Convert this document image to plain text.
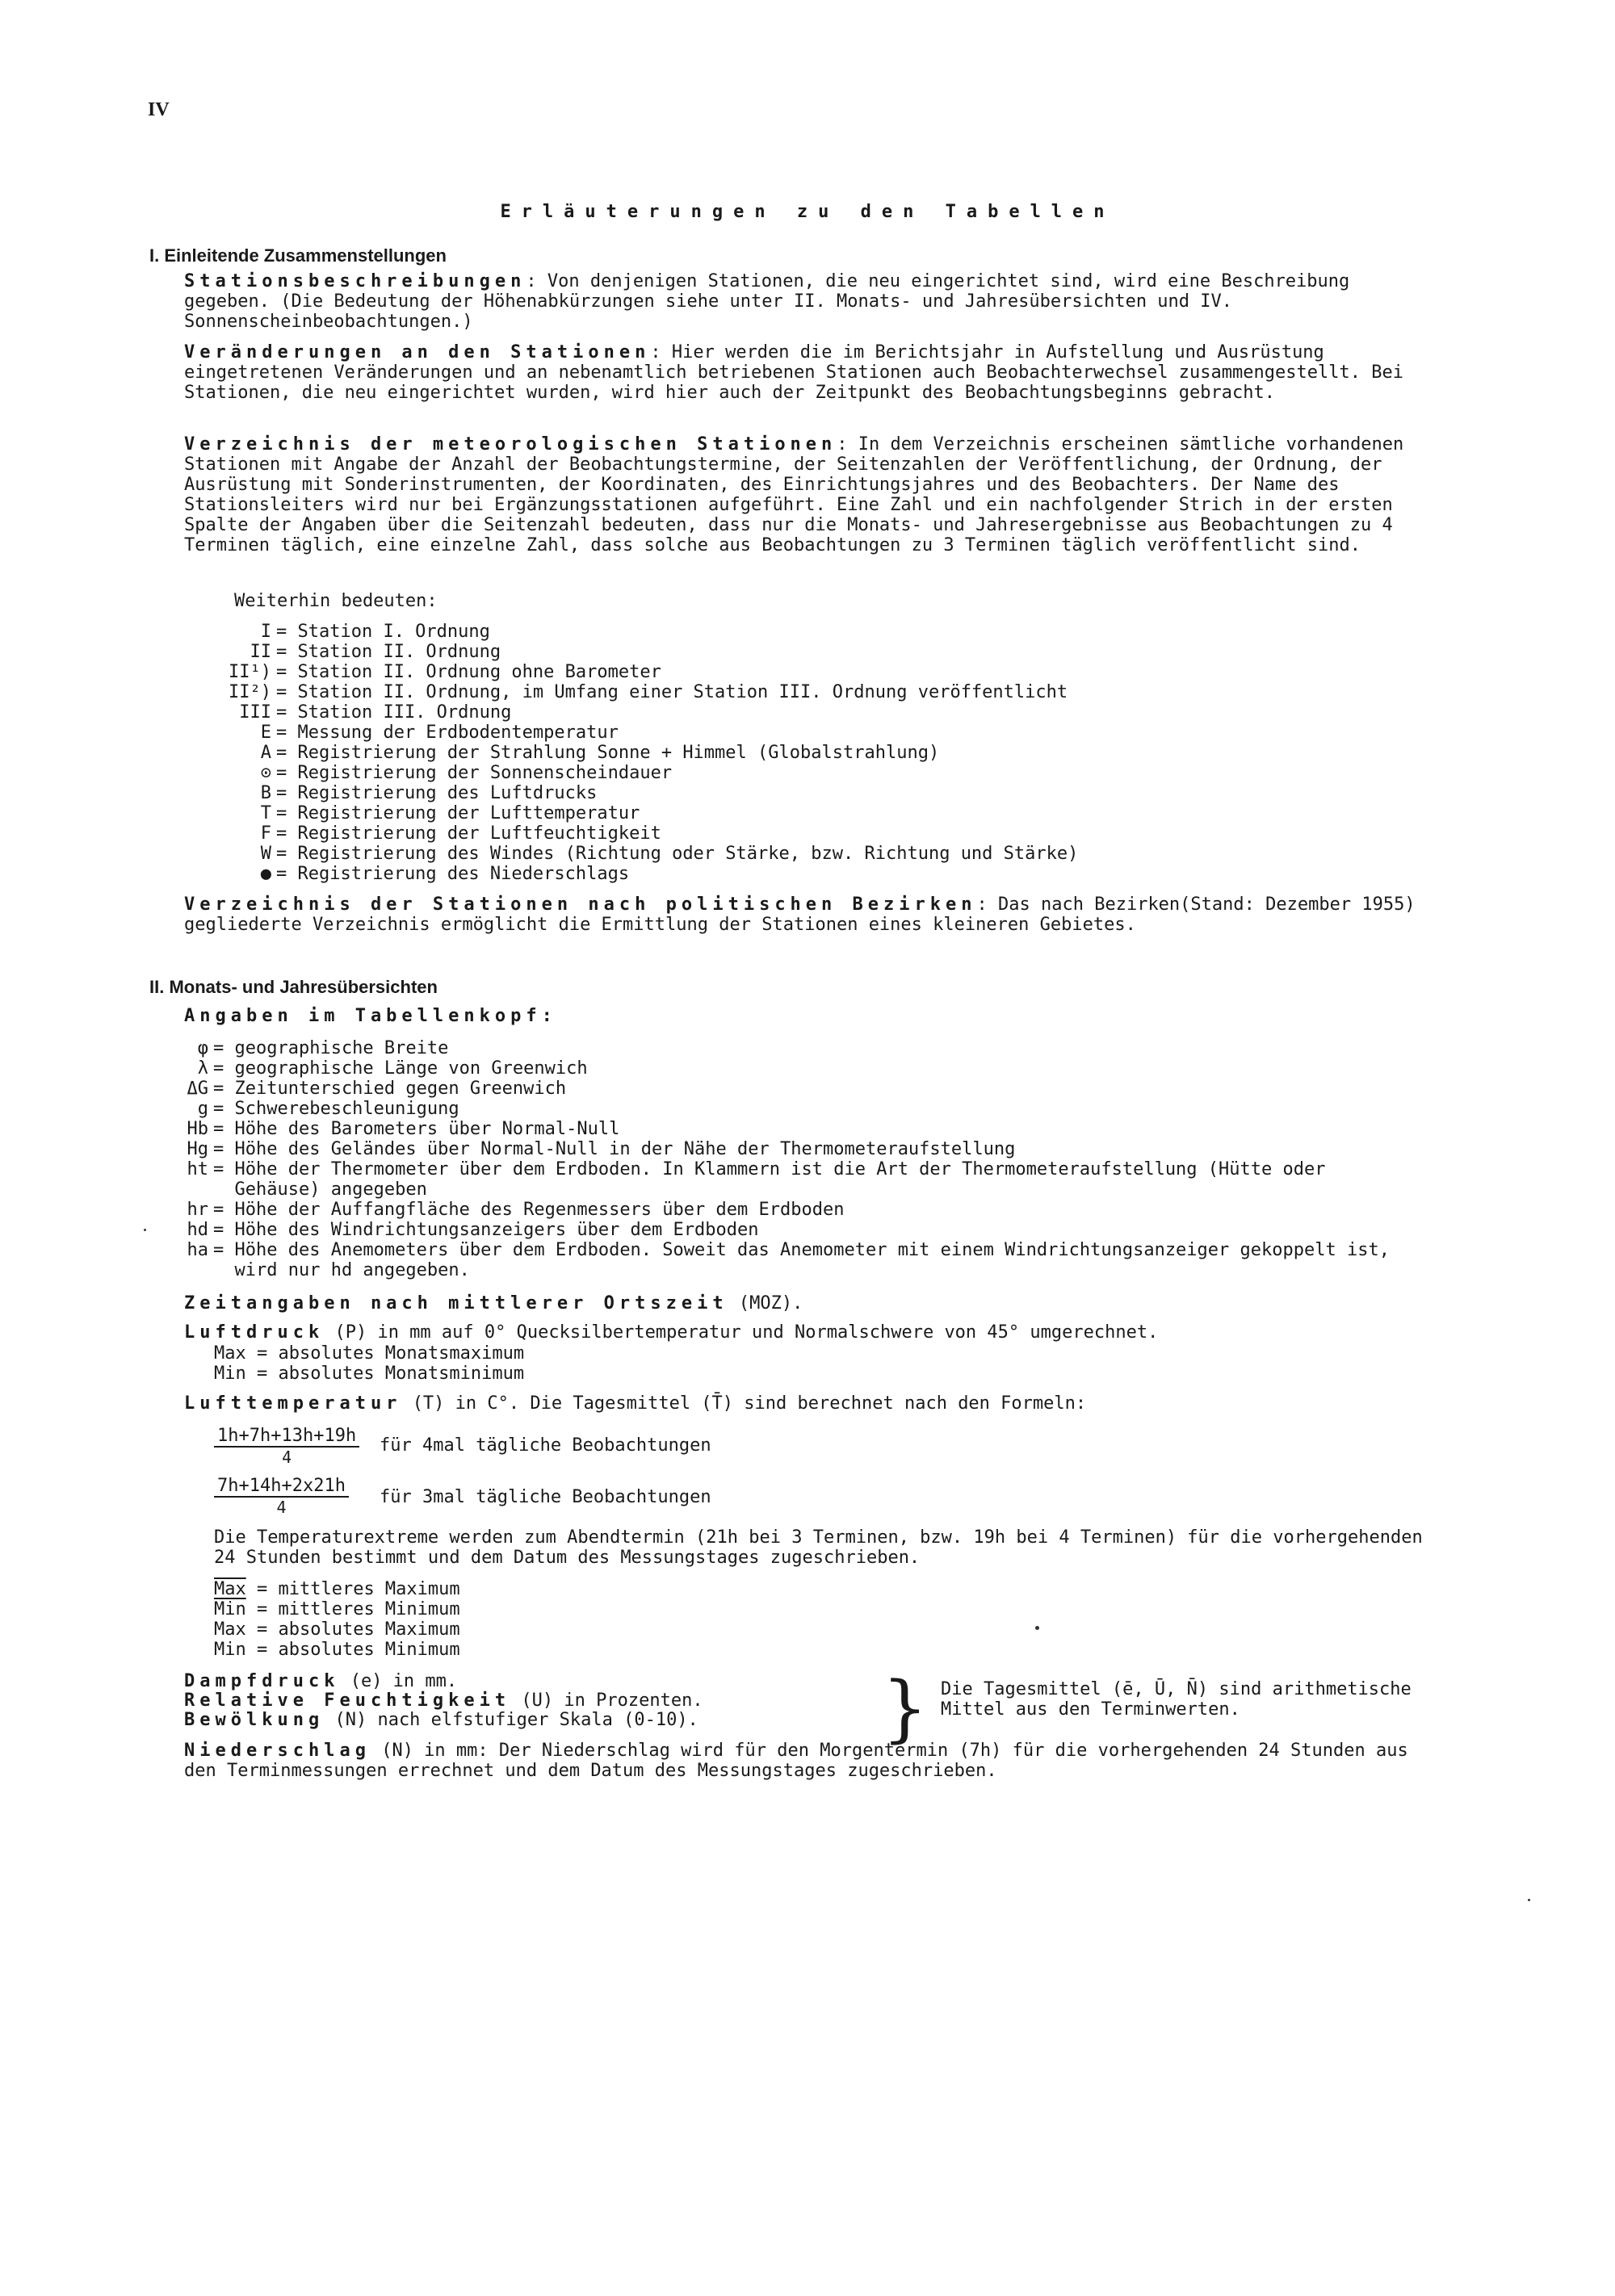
IV
Erläuterungen zu den Tabellen
I. Einleitende Zusammenstellungen
Stationsbeschreibungen: Von denjenigen Stationen, die neu eingerichtet sind, wird eine Beschreibung gegeben. (Die Bedeutung der Höhenabkürzungen siehe unter II. Monats- und Jahresübersichten und IV. Sonnenscheinbeobachtungen.)
Veränderungen an den Stationen: Hier werden die im Berichtsjahr in Aufstellung und Ausrüstung eingetretenen Veränderungen und an nebenamtlich betriebenen Stationen auch Beobachterwechsel zusammengestellt. Bei Stationen, die neu eingerichtet wurden, wird hier auch der Zeitpunkt des Beobachtungsbeginns gebracht.
Verzeichnis der meteorologischen Stationen: In dem Verzeichnis erscheinen sämtliche vorhandenen Stationen mit Angabe der Anzahl der Beobachtungstermine, der Seitenzahlen der Veröffentlichung, der Ordnung, der Ausrüstung mit Sonderinstrumenten, der Koordinaten, des Einrichtungsjahres und des Beobachters. Der Name des Stationsleiters wird nur bei Ergänzungsstationen aufgeführt. Eine Zahl und ein nachfolgender Strich in der ersten Spalte der Angaben über die Seitenzahl bedeuten, dass nur die Monats- und Jahresergebnisse aus Beobachtungen zu 4 Terminen täglich, eine einzelne Zahl, dass solche aus Beobachtungen zu 3 Terminen täglich veröffentlicht sind.
Weiterhin bedeuten:
I = Station I. Ordnung
II = Station II. Ordnung
II¹) = Station II. Ordnung ohne Barometer
II²) = Station II. Ordnung, im Umfang einer Station III. Ordnung veröffentlicht
III = Station III. Ordnung
E = Messung der Erdbodentemperatur
A = Registrierung der Strahlung Sonne + Himmel (Globalstrahlung)
⊙ = Registrierung der Sonnenscheindauer
B = Registrierung des Luftdrucks
T = Registrierung der Lufttemperatur
F = Registrierung der Luftfeuchtigkeit
W = Registrierung des Windes (Richtung oder Stärke, bzw. Richtung und Stärke)
● = Registrierung des Niederschlags
Verzeichnis der Stationen nach politischen Bezirken: Das nach Bezirken(Stand: Dezember 1955) gegliederte Verzeichnis ermöglicht die Ermittlung der Stationen eines kleineren Gebietes.
II. Monats- und Jahresübersichten
Angaben im Tabellenkopf:
φ = geographische Breite
λ = geographische Länge von Greenwich
ΔG = Zeitunterschied gegen Greenwich
g = Schwerebeschleunigung
Hb = Höhe des Barometers über Normal-Null
Hg = Höhe des Geländes über Normal-Null in der Nähe der Thermometeraufstellung
ht = Höhe der Thermometer über dem Erdboden. In Klammern ist die Art der Thermometeraufstellung (Hütte oder
Gehäuse) angegeben
hr = Höhe der Auffangfläche des Regenmessers über dem Erdboden
hd = Höhe des Windrichtungsanzeigers über dem Erdboden
ha = Höhe des Anemometers über dem Erdboden. Soweit das Anemometer mit einem Windrichtungsanzeiger gekoppelt ist,
wird nur hd angegeben.
Zeitangaben nach mittlerer Ortszeit (MOZ).
Luftdruck (P) in mm auf 0° Quecksilbertemperatur und Normalschwere von 45° umgerechnet.
Max = absolutes Monatsmaximum
Min = absolutes Monatsminimum
Lufttemperatur (T) in C°. Die Tagesmittel (T̄) sind berechnet nach den Formeln:
$\frac{1h+7h+13h+19h}{4}$ für 4mal tägliche Beobachtungen
$\frac{7h+14h+2x21h}{4}$ für 3mal tägliche Beobachtungen
Die Temperaturextreme werden zum Abendtermin (21h bei 3 Terminen, bzw. 19h bei 4 Terminen) für die vorhergehenden 24 Stunden bestimmt und dem Datum des Messungstages zugeschrieben.
$\overline{Max}$ = mittleres Maximum
$\overline{Min}$ = mittleres Minimum
Max = absolutes Maximum
Min = absolutes Minimum
Dampfdruck (e) in mm.
Relative Feuchtigkeit (U) in Prozenten.
Bewölkung (N) nach elfstufiger Skala (0-10).	} Die Tagesmittel (ē, Ū, N̄) sind arithmetische
Mittel aus den Terminwerten.
Niederschlag (N) in mm: Der Niederschlag wird für den Morgentermin (7h) für die vorhergehenden 24 Stunden aus den Terminmessungen errechnet und dem Datum des Messungstages zugeschrieben.
